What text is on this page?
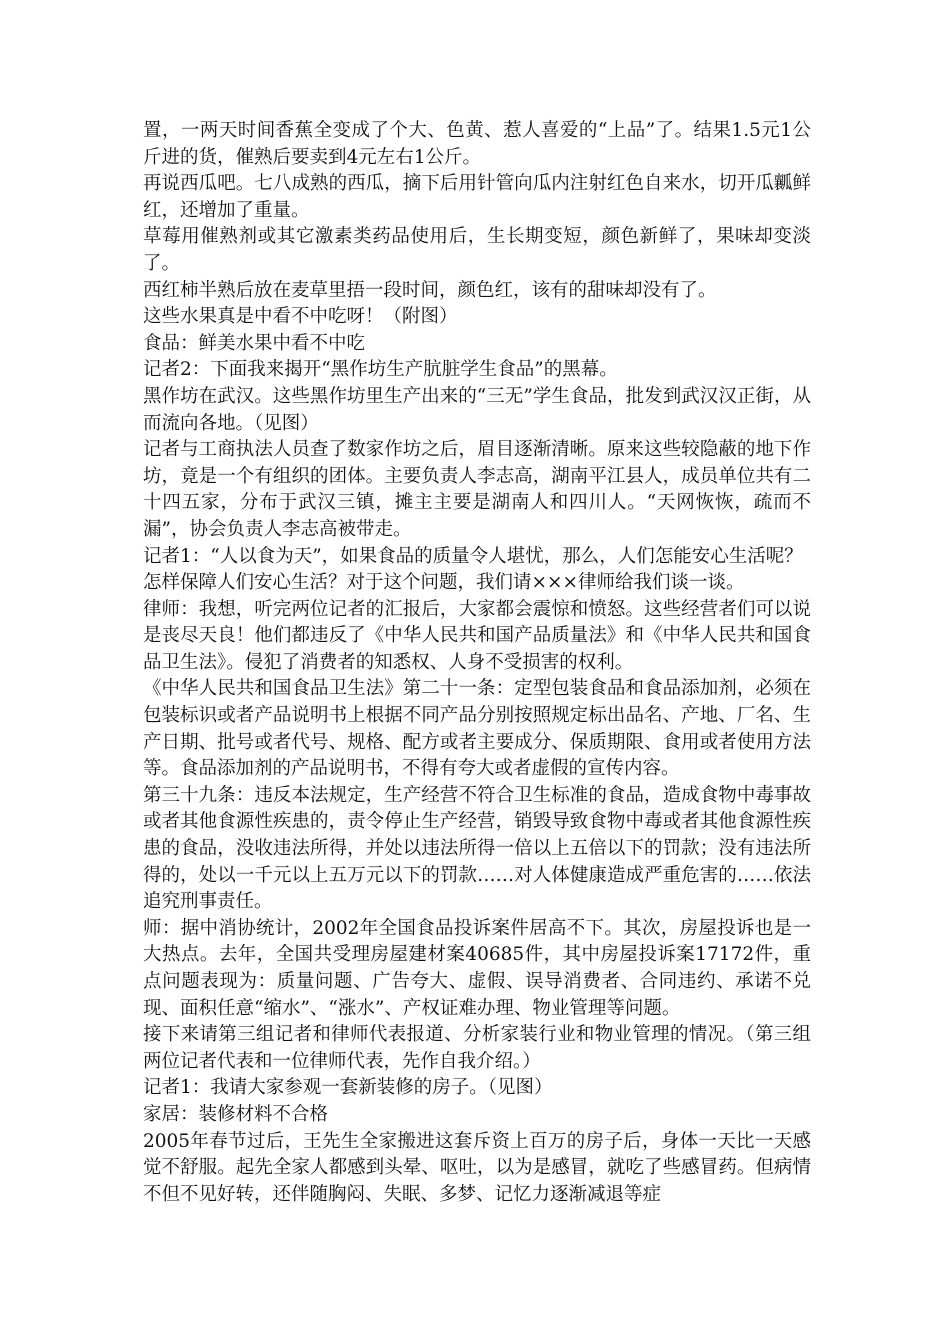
置，一两天时间香蕉全变成了个大、色黄、惹人喜爱的“上品”了。结果1.5元1公斤进的货，催熟后要卖到4元左右1公斤。

再说西瓜吧。七八成熟的西瓜，摘下后用针管向瓜内注射红色自来水，切开瓜瓤鲜红，还增加了重量。

草莓用催熟剂或其它激素类药品使用后，生长期变短，颜色新鲜了，果味却变淡了。

西红柿半熟后放在麦草里捂一段时间，颜色红，该有的甜味却没有了。

这些水果真是中看不中吃呀！（附图）

食品：鲜美水果中看不中吃

记者2：下面我来揭开“黑作坊生产肮脏学生食品”的黑幕。

黑作坊在武汉。这些黑作坊里生产出来的“三无”学生食品，批发到武汉汉正街，从而流向各地。（见图）

记者与工商执法人员查了数家作坊之后，眉目逐渐清晰。原来这些较隐蔽的地下作坊，竟是一个有组织的团体。主要负责人李志高，湖南平江县人，成员单位共有二十四五家，分布于武汉三镇，摊主主要是湖南人和四川人。“天网恢恢，疏而不漏”，协会负责人李志高被带走。

记者1：“人以食为天”，如果食品的质量令人堪忧，那么，人们怎能安心生活呢？

怎样保障人们安心生活？对于这个问题，我们请×××律师给我们谈一谈。

律师：我想，听完两位记者的汇报后，大家都会震惊和愤怒。这些经营者们可以说是丧尽天良！他们都违反了《中华人民共和国产品质量法》和《中华人民共和国食品卫生法》。侵犯了消费者的知悉权、人身不受损害的权利。

《中华人民共和国食品卫生法》第二十一条：定型包装食品和食品添加剂，必须在包装标识或者产品说明书上根据不同产品分别按照规定标出品名、产地、厂名、生产日期、批号或者代号、规格、配方或者主要成分、保质期限、食用或者使用方法等。食品添加剂的产品说明书，不得有夸大或者虚假的宣传内容。

第三十九条：违反本法规定，生产经营不符合卫生标准的食品，造成食物中毒事故或者其他食源性疾患的，责令停止生产经营，销毁导致食物中毒或者其他食源性疾患的食品，没收违法所得，并处以违法所得一倍以上五倍以下的罚款；没有违法所得的，处以一千元以上五万元以下的罚款……对人体健康造成严重危害的……依法追究刑事责任。

师：据中消协统计，2002年全国食品投诉案件居高不下。其次，房屋投诉也是一大热点。去年，全国共受理房屋建材案40685件，其中房屋投诉案17172件，重点问题表现为：质量问题、广告夸大、虚假、误导消费者、合同违约、承诺不兑现、面积任意“缩水”、“涨水”、产权证难办理、物业管理等问题。

接下来请第三组记者和律师代表报道、分析家装行业和物业管理的情况。（第三组两位记者代表和一位律师代表，先作自我介绍。）

记者1：我请大家参观一套新装修的房子。（见图）

家居：装修材料不合格

2005年春节过后，王先生全家搬进这套斥资上百万的房子后，身体一天比一天感觉不舒服。起先全家人都感到头晕、呕吐，以为是感冒，就吃了些感冒药。但病情不但不见好转，还伴随胸闷、失眠、多梦、记忆力逐渐减退等症
